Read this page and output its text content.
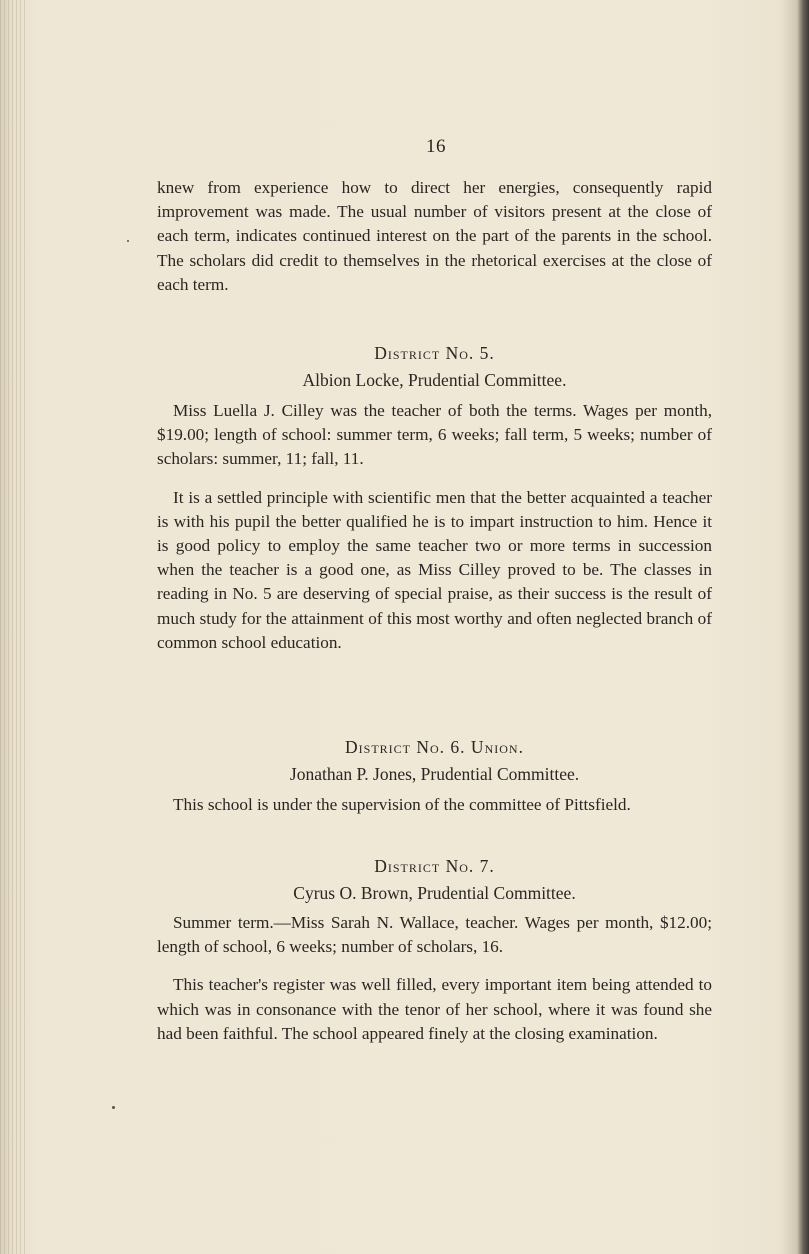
16

knew from experience how to direct her energies, consequently rapid improvement was made. The usual number of visitors present at the close of each term, indicates continued interest on the part of the parents in the school. The scholars did credit to themselves in the rhetorical exercises at the close of each term.

District No. 5.
Albion Locke, Prudential Committee.

Miss Luella J. Cilley was the teacher of both the terms. Wages per month, $19.00; length of school: summer term, 6 weeks; fall term, 5 weeks; number of scholars: summer, 11; fall, 11.

It is a settled principle with scientific men that the better acquainted a teacher is with his pupil the better qualified he is to impart instruction to him. Hence it is good policy to employ the same teacher two or more terms in succession when the teacher is a good one, as Miss Cilley proved to be. The classes in reading in No. 5 are deserving of special praise, as their success is the result of much study for the attainment of this most worthy and often neglected branch of common school education.

District No. 6. Union.
Jonathan P. Jones, Prudential Committee.

This school is under the supervision of the committee of Pittsfield.

District No. 7.
Cyrus O. Brown, Prudential Committee.

Summer term.—Miss Sarah N. Wallace, teacher. Wages per month, $12.00; length of school, 6 weeks; number of scholars, 16.

This teacher's register was well filled, every important item being attended to which was in consonance with the tenor of her school, where it was found she had been faithful. The school appeared finely at the closing examination.
